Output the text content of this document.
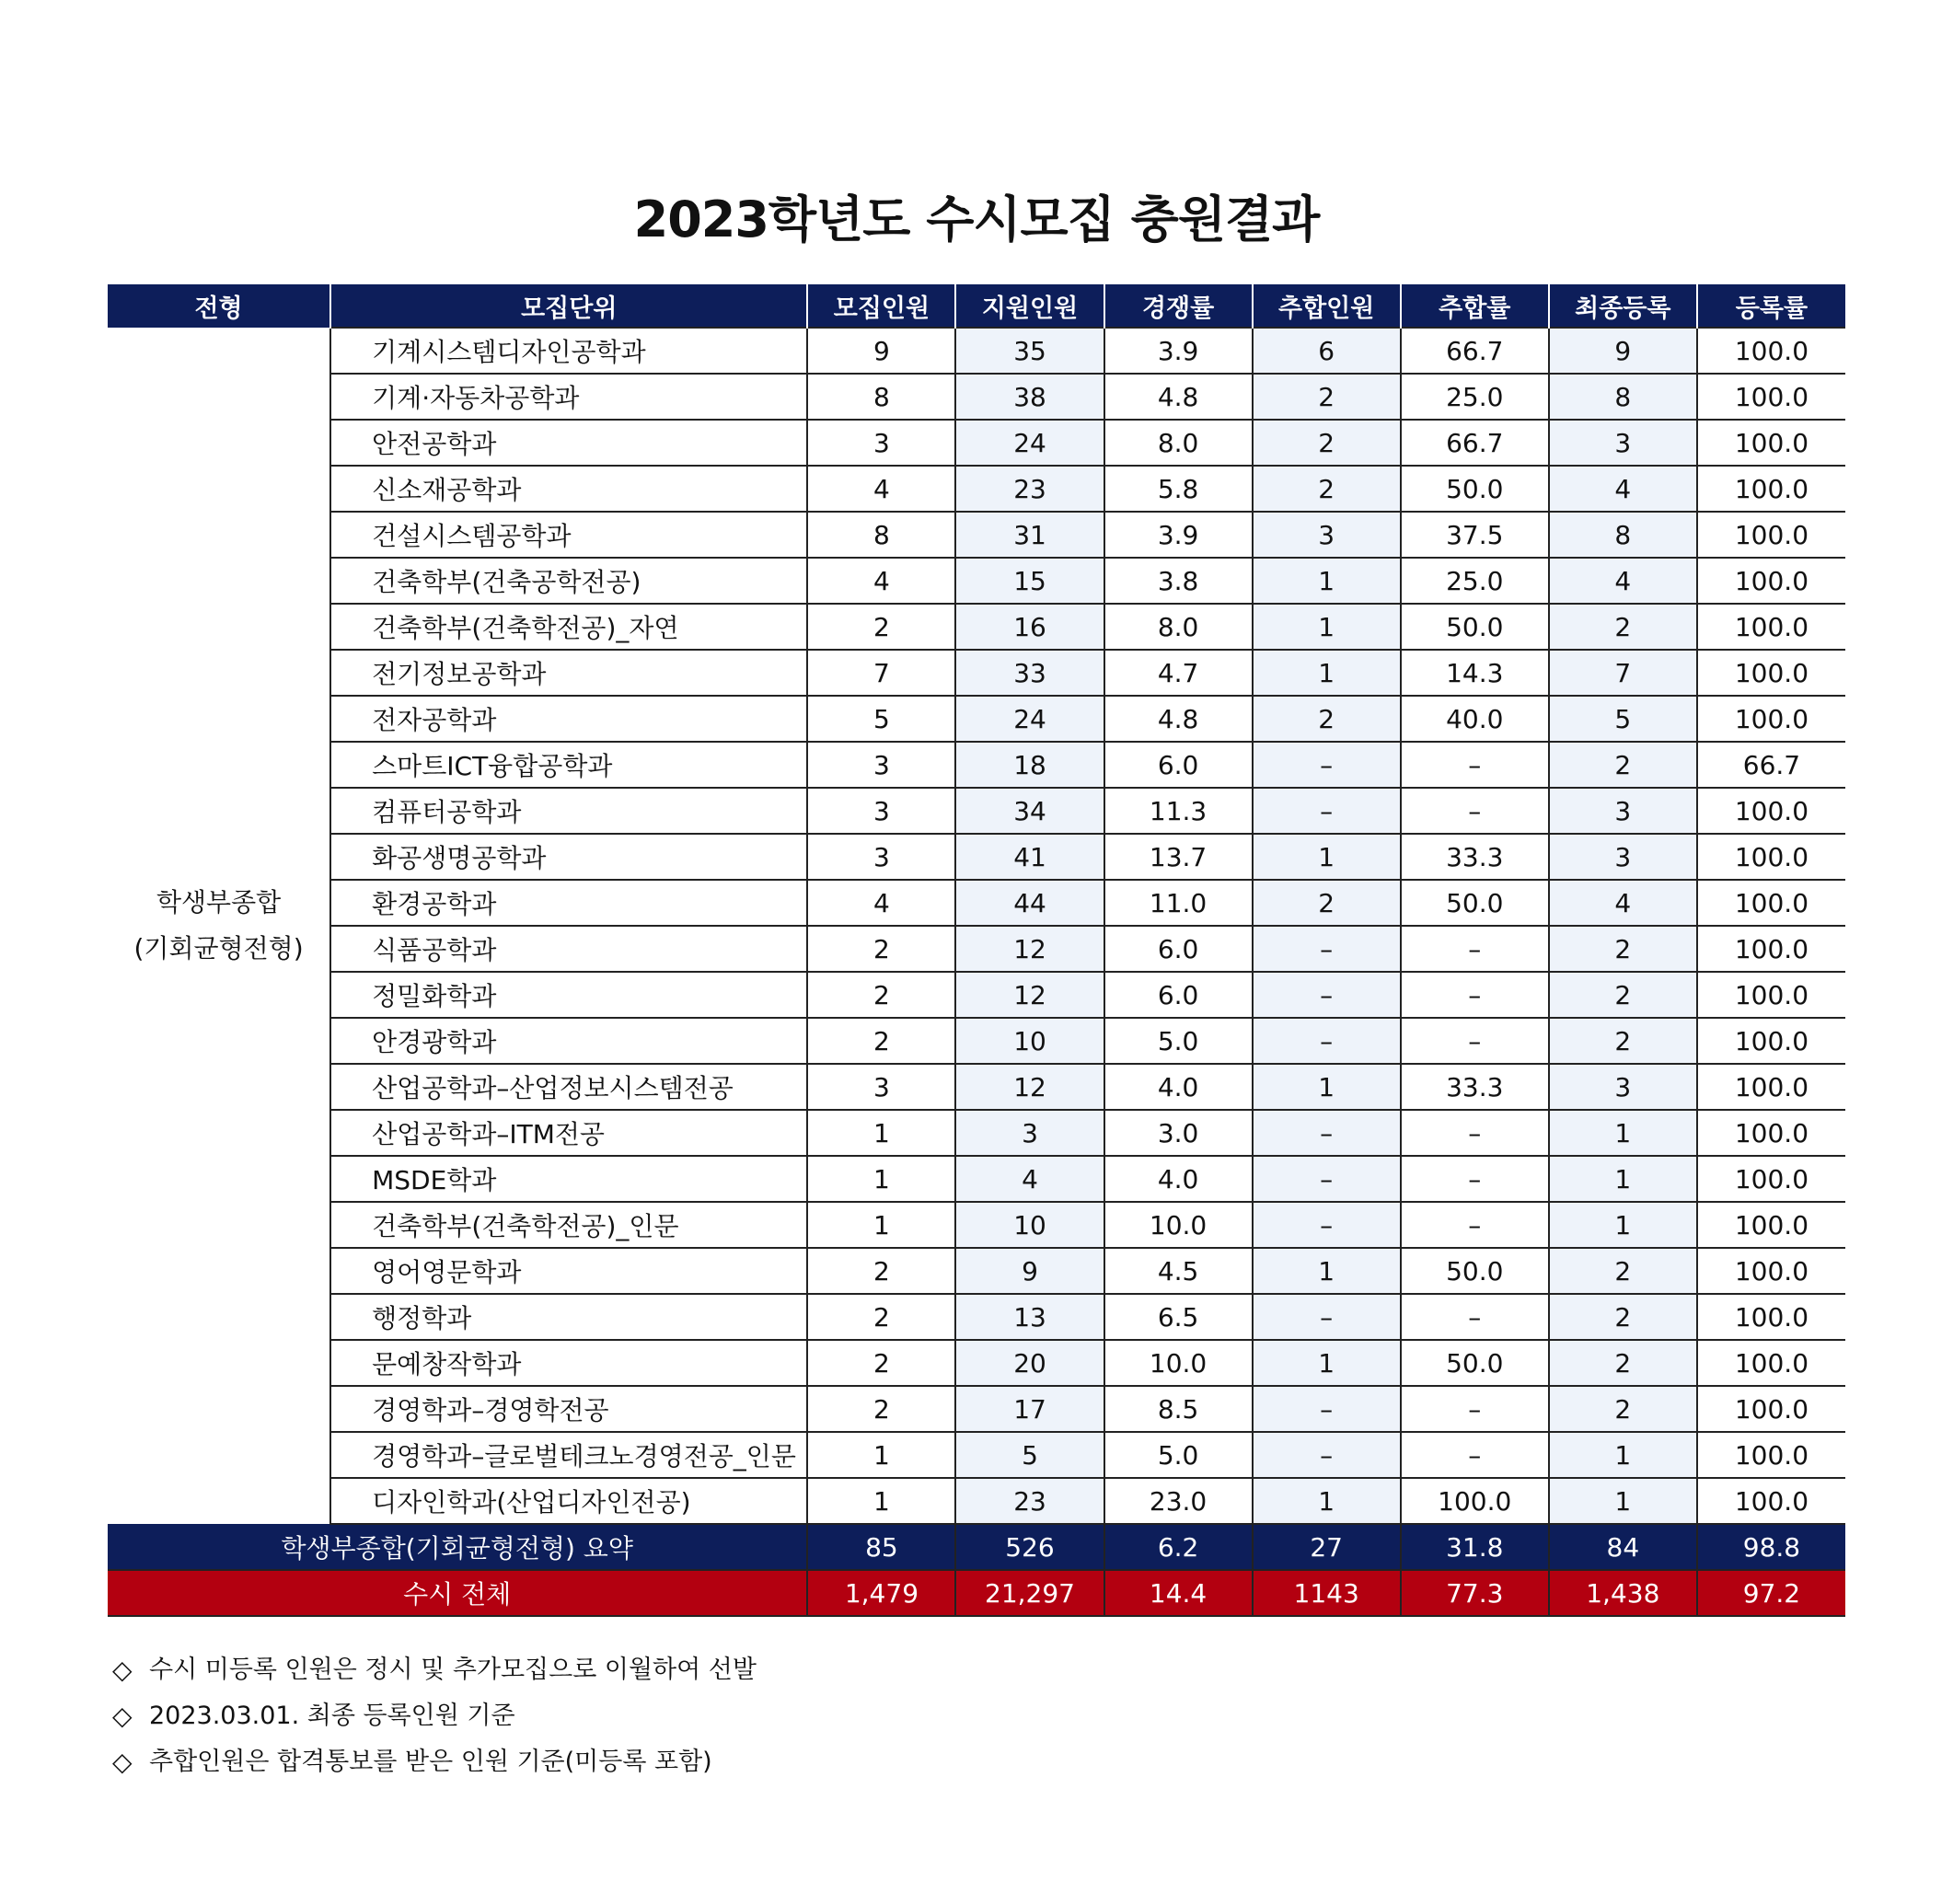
2023학년도 수시모집 충원결과
전형	모집단위	모집인원	지원인원	경쟁률	추합인원	추합률	최종등록	등록률

학생부종합
(기회균형전형)	기계시스템디자인공학과	9	35	3.9	6	66.7	9	100.0
	기계·자동차공학과	8	38	4.8	2	25.0	8	100.0
	안전공학과	3	24	8.0	2	66.7	3	100.0
	신소재공학과	4	23	5.8	2	50.0	4	100.0
	건설시스템공학과	8	31	3.9	3	37.5	8	100.0
	건축학부(건축공학전공)	4	15	3.8	1	25.0	4	100.0
	건축학부(건축학전공)_자연	2	16	8.0	1	50.0	2	100.0
	전기정보공학과	7	33	4.7	1	14.3	7	100.0
	전자공학과	5	24	4.8	2	40.0	5	100.0
	스마트ICT융합공학과	3	18	6.0	–	–	2	66.7
	컴퓨터공학과	3	34	11.3	–	–	3	100.0
	화공생명공학과	3	41	13.7	1	33.3	3	100.0
	환경공학과	4	44	11.0	2	50.0	4	100.0
	식품공학과	2	12	6.0	–	–	2	100.0
	정밀화학과	2	12	6.0	–	–	2	100.0
	안경광학과	2	10	5.0	–	–	2	100.0
	산업공학과–산업정보시스템전공	3	12	4.0	1	33.3	3	100.0
	산업공학과–ITM전공	1	3	3.0	–	–	1	100.0
	MSDE학과	1	4	4.0	–	–	1	100.0
	건축학부(건축학전공)_인문	1	10	10.0	–	–	1	100.0
	영어영문학과	2	9	4.5	1	50.0	2	100.0
	행정학과	2	13	6.5	–	–	2	100.0
	문예창작학과	2	20	10.0	1	50.0	2	100.0
	경영학과–경영학전공	2	17	8.5	–	–	2	100.0
	경영학과–글로벌테크노경영전공_인문	1	5	5.0	–	–	1	100.0
	디자인학과(산업디자인전공)	1	23	23.0	1	100.0	1	100.0
학생부종합(기회균형전형) 요약		85	526	6.2	27	31.8	84	98.8
수시 전체		1,479	21,297	14.4	1143	77.3	1,438	97.2
◇ 수시 미등록 인원은 정시 및 추가모집으로 이월하여 선발
◇ 2023.03.01. 최종 등록인원 기준
◇ 추합인원은 합격통보를 받은 인원 기준(미등록 포함)
